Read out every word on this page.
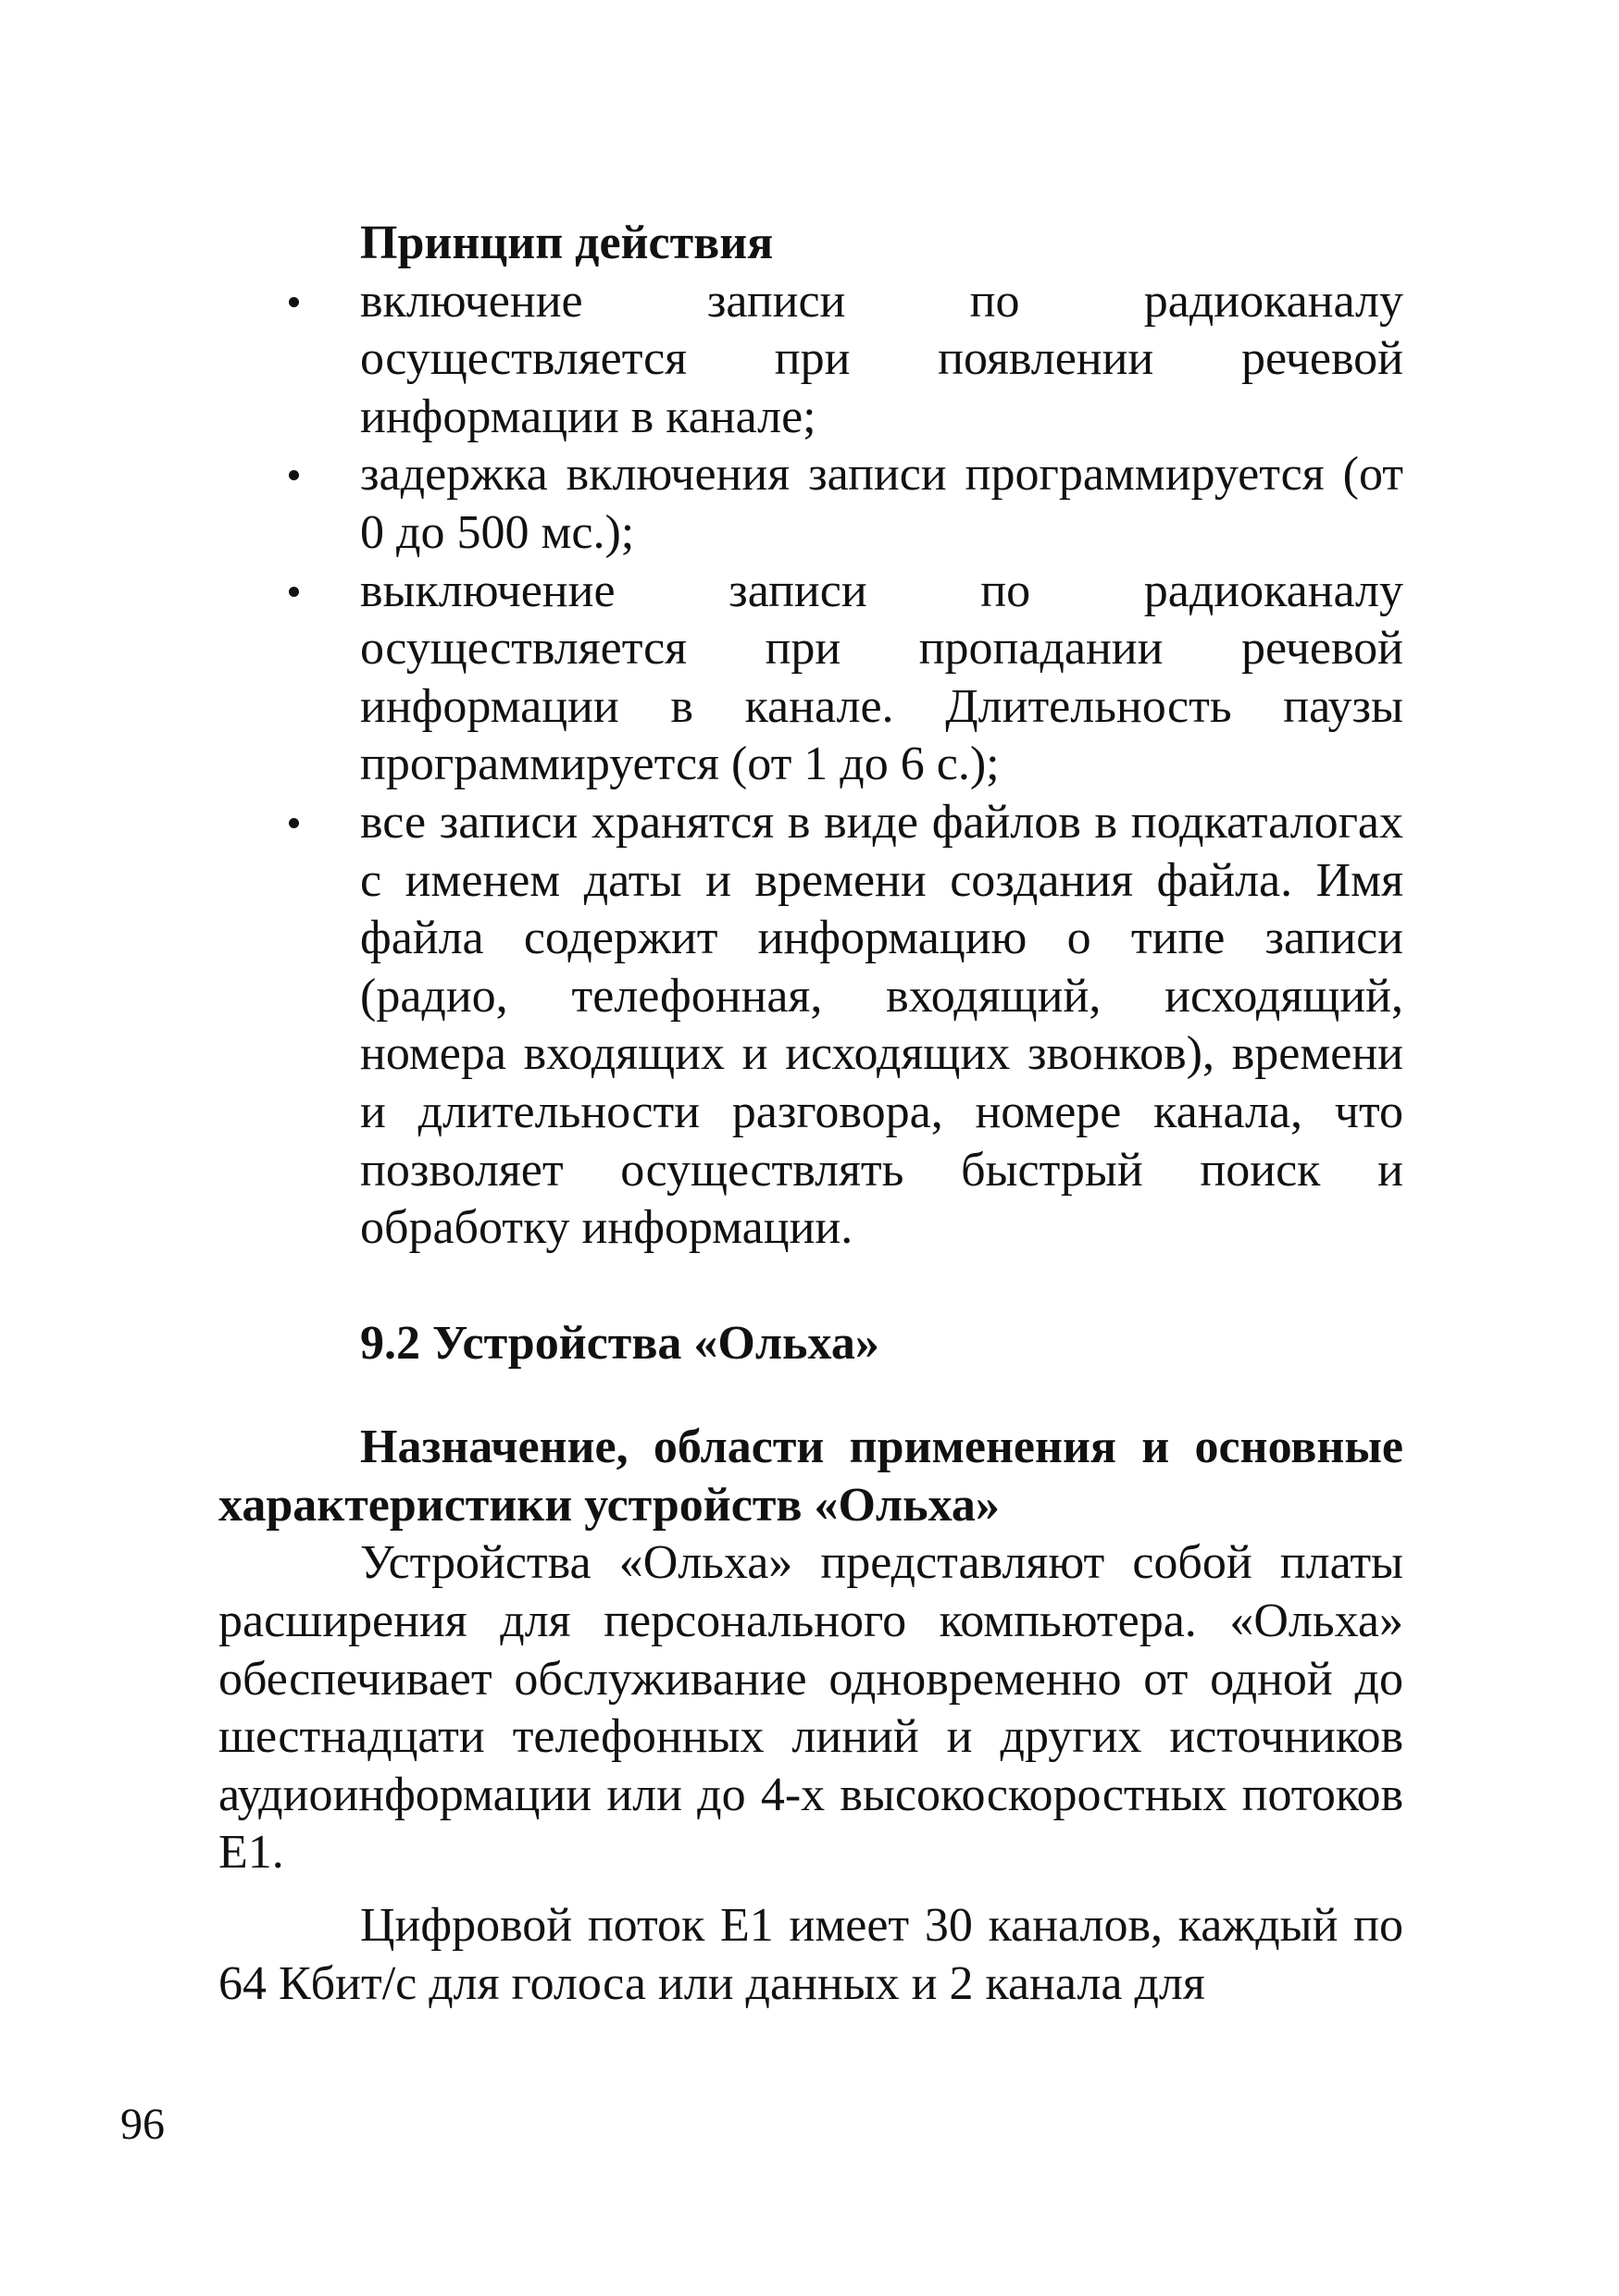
Принцип действия

включение записи по радиоканалу осуществляется при появлении речевой информации в канале;
задержка включения записи программируется (от 0 до 500 мс.);
выключение записи по радиоканалу осуществляется при пропадании речевой информации в канале. Длительность паузы программируется (от 1 до 6 с.);
все записи хранятся в виде файлов в подкаталогах с именем даты и времени создания файла. Имя файла содержит информацию о типе записи (радио, телефонная, входящий, исходящий, номера входящих и исходящих звонков), времени и длительности разговора, номере канала, что позволяет осуществлять быстрый поиск и обработку информации.

9.2 Устройства «Ольха»

Назначение, области применения и основные характеристики устройств «Ольха»

Устройства «Ольха» представляют собой платы расширения для персонального компьютера. «Ольха» обеспечивает обслуживание одновременно от одной до шестнадцати телефонных линий и других источников аудиоинформации или до 4-х высокоскоростных потоков Е1.

Цифровой поток Е1 имеет 30 каналов, каждый по 64 Кбит/с для голоса или данных и 2 канала для

96
